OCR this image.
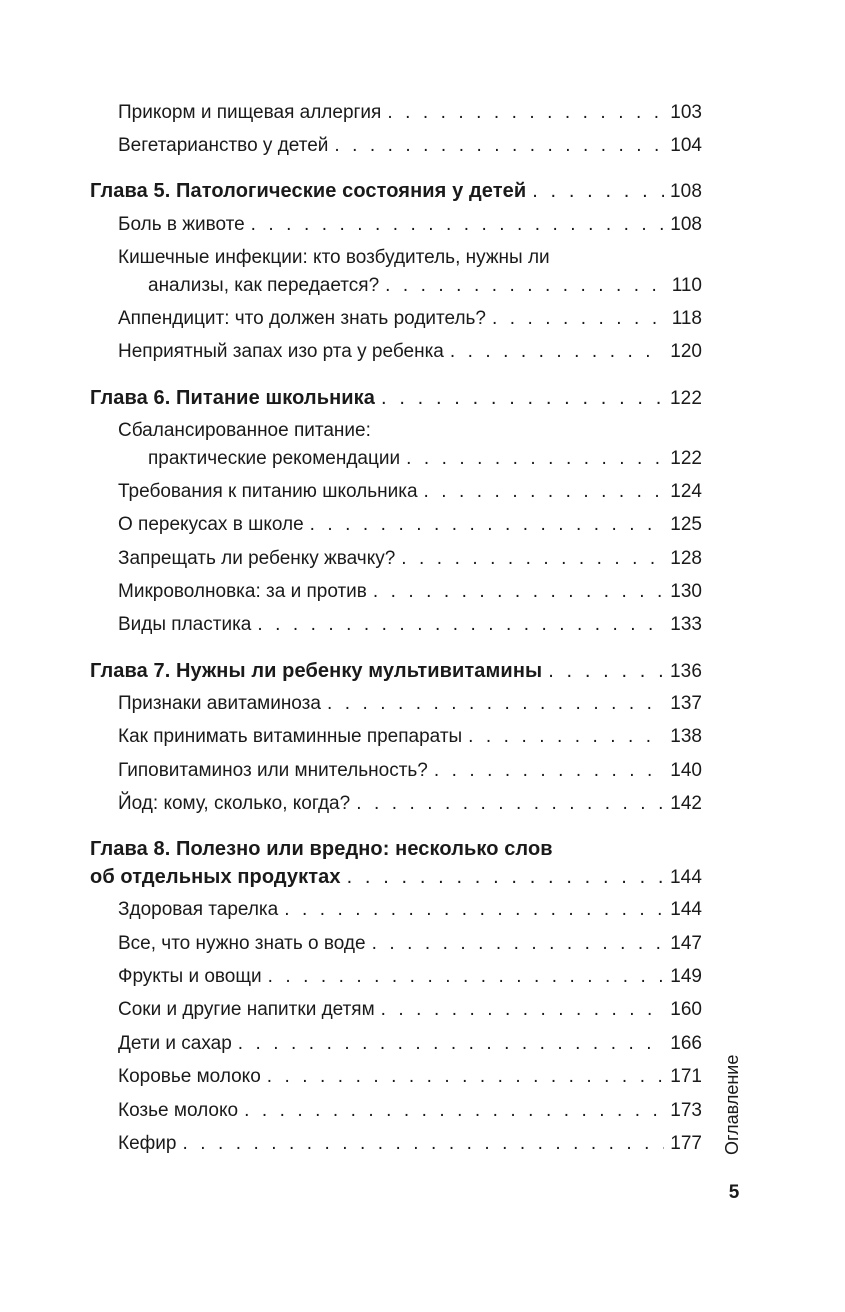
Прикорм и пищевая аллергия . . .	103
Вегетарианство у детей . . .	104
Глава 5. Патологические состояния у детей . . .	108
Боль в животе . . .	108
Кишечные инфекции: кто возбудитель, нужны ли
анализы, как передается? . . .	110
Аппендицит: что должен знать родитель? . . .	118
Неприятный запах изо рта у ребенка . . .	120
Глава 6. Питание школьника . . .	122
Сбалансированное питание:
практические рекомендации . . .	122
Требования к питанию школьника . . .	124
О перекусах в школе . . .	125
Запрещать ли ребенку жвачку? . . .	128
Микроволновка: за и против . . .	130
Виды пластика . . .	133
Глава 7. Нужны ли ребенку мультивитамины . . .	136
Признаки авитаминоза . . .	137
Как принимать витаминные препараты . . .	138
Гиповитаминоз или мнительность? . . .	140
Йод: кому, сколько, когда? . . .	142
Глава 8. Полезно или вредно: несколько слов
об отдельных продуктах . . .	144
Здоровая тарелка . . .	144
Все, что нужно знать о воде . . .	147
Фрукты и овощи . . .	149
Соки и другие напитки детям . . .	160
Дети и сахар . . .	166
Коровье молоко . . .	171
Козье молоко . . .	173
Кефир . . .	177 Оглавление
5
